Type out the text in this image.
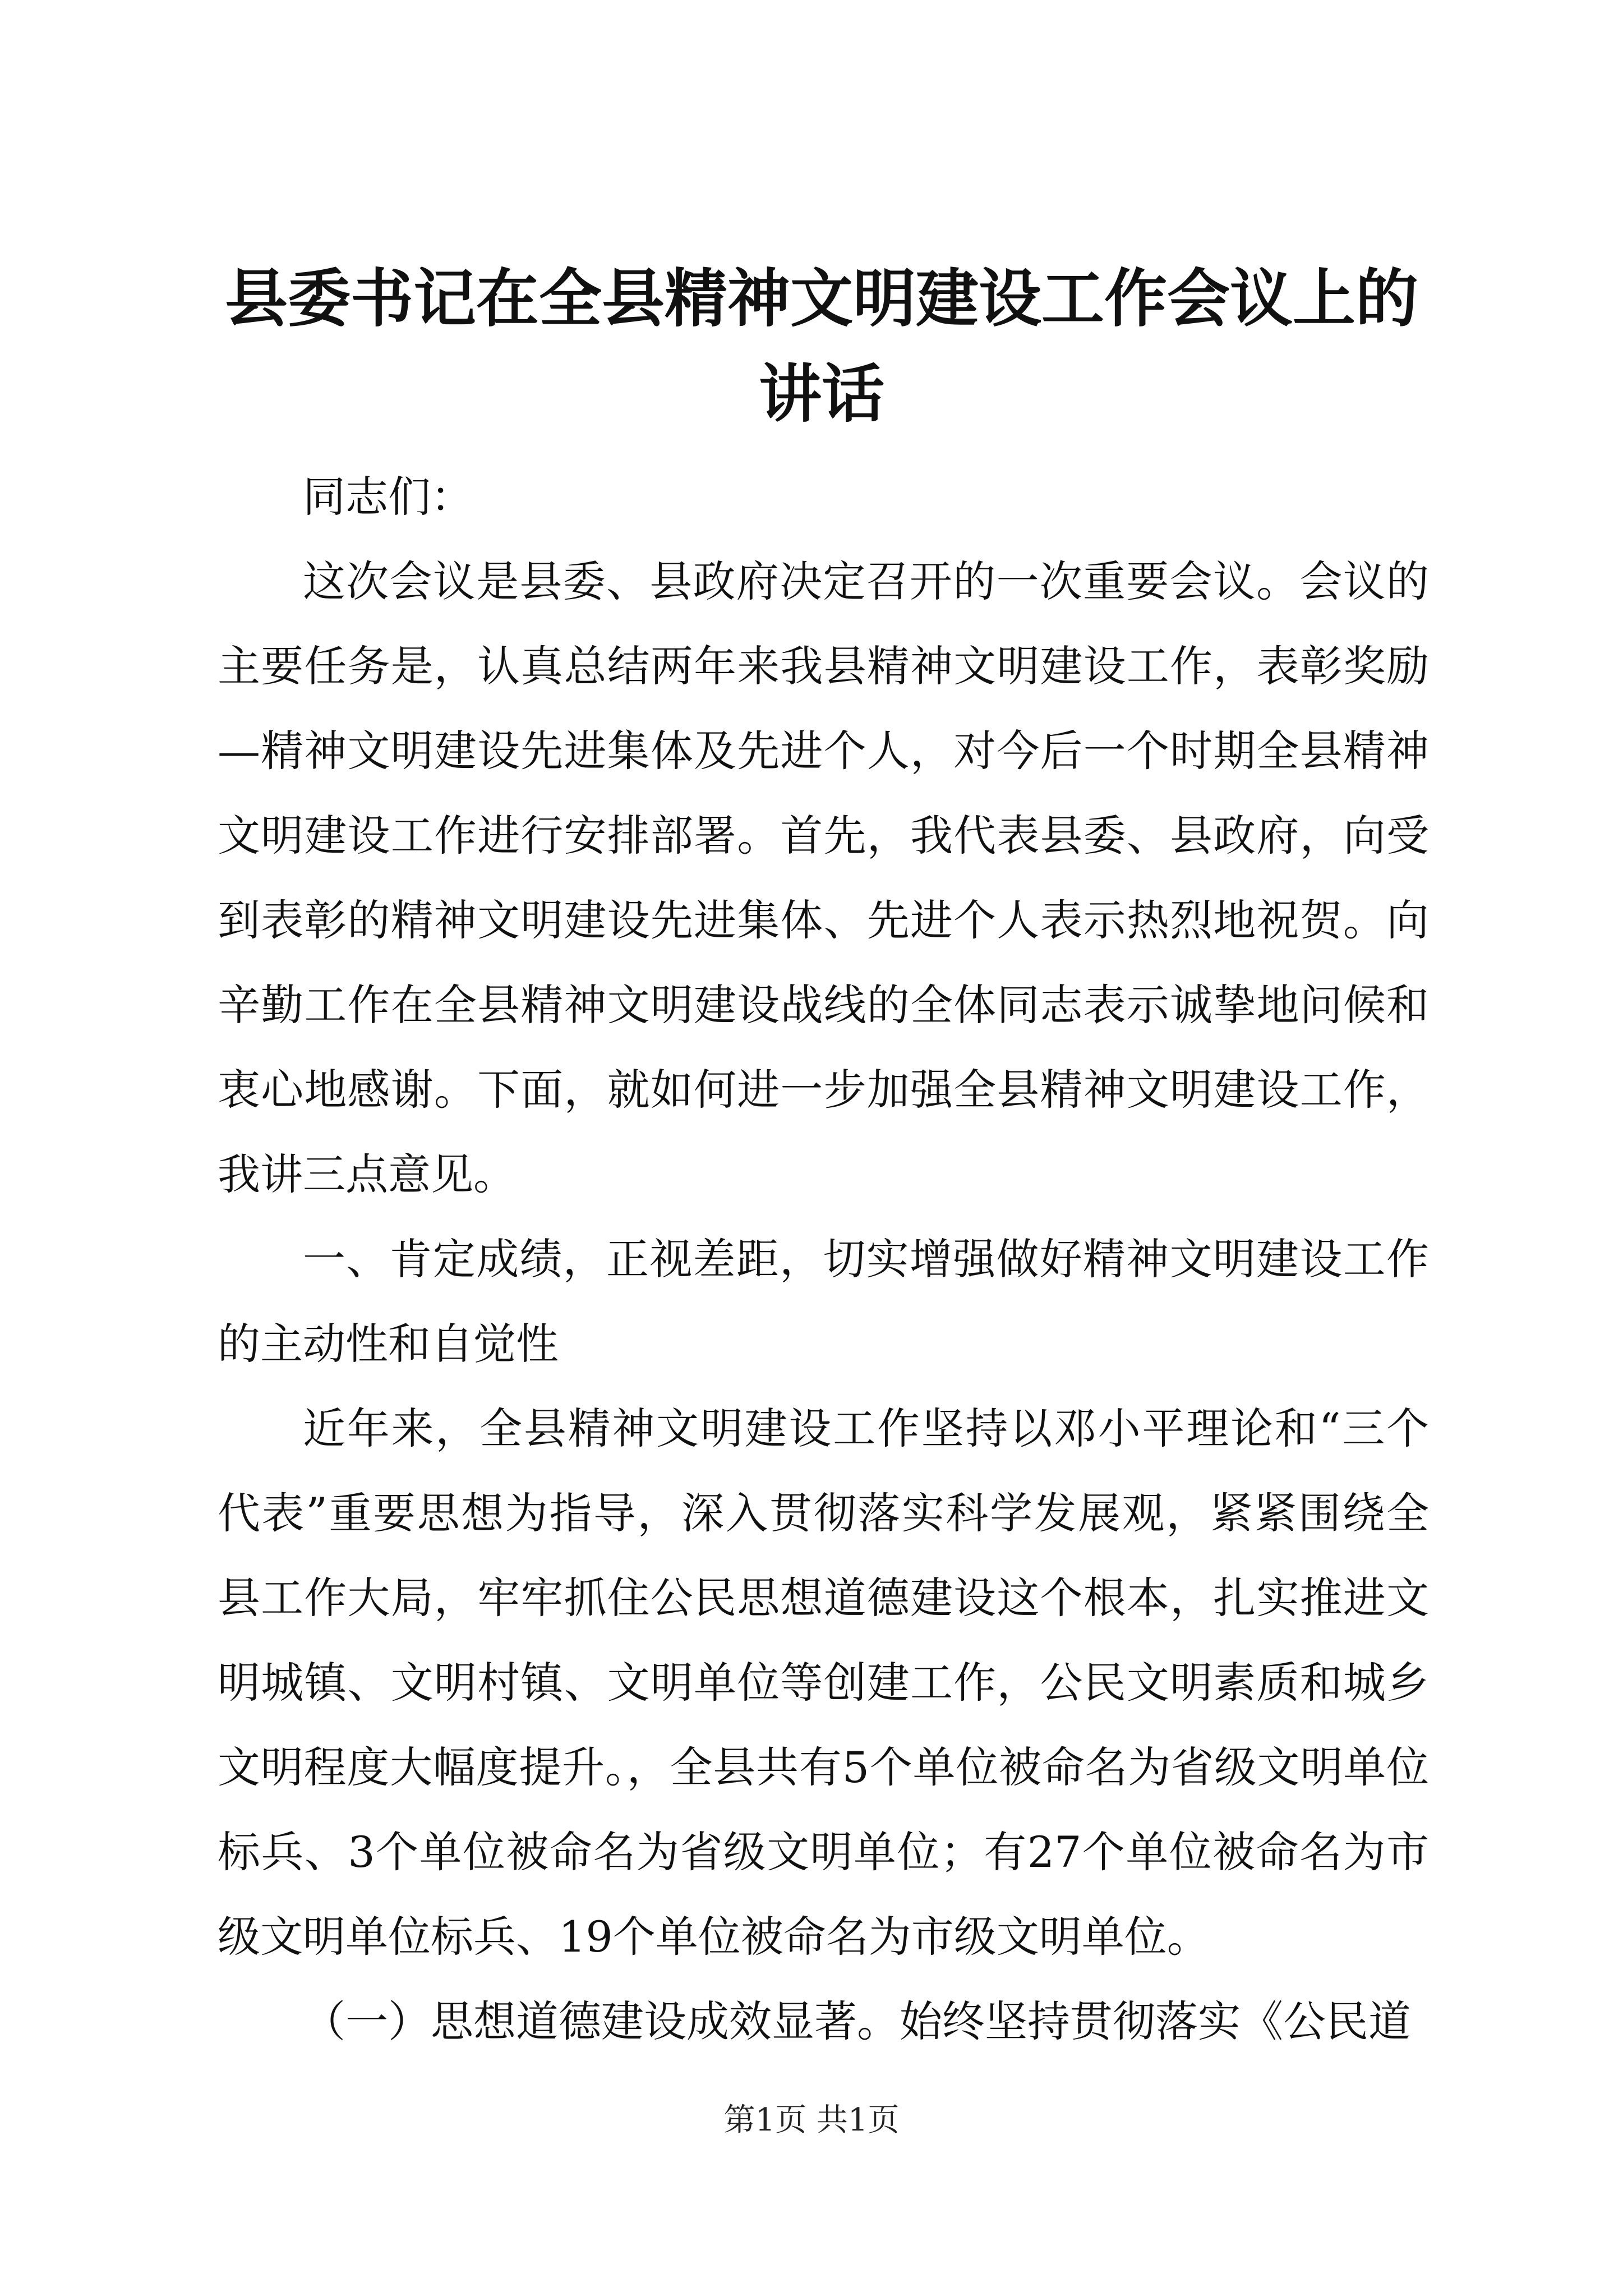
县委书记在全县精神文明建设工作会议上的讲话

同志们：

这次会议是县委、县政府决定召开的一次重要会议。会议的主要任务是，认真总结两年来我县精神文明建设工作，表彰奖励—精神文明建设先进集体及先进个人，对今后一个时期全县精神文明建设工作进行安排部署。首先，我代表县委、县政府，向受到表彰的精神文明建设先进集体、先进个人表示热烈地祝贺。向辛勤工作在全县精神文明建设战线的全体同志表示诚挚地问候和衷心地感谢。下面，就如何进一步加强全县精神文明建设工作，我讲三点意见。

一、肯定成绩，正视差距，切实增强做好精神文明建设工作的主动性和自觉性

近年来，全县精神文明建设工作坚持以邓小平理论和“三个代表”重要思想为指导，深入贯彻落实科学发展观，紧紧围绕全县工作大局，牢牢抓住公民思想道德建设这个根本，扎实推进文明城镇、文明村镇、文明单位等创建工作，公民文明素质和城乡文明程度大幅度提升。，全县共有5个单位被命名为省级文明单位标兵、3个单位被命名为省级文明单位；有27个单位被命名为市级文明单位标兵、19个单位被命名为市级文明单位。

（一）思想道德建设成效显著。始终坚持贯彻落实《公民道

第1页 共1页
